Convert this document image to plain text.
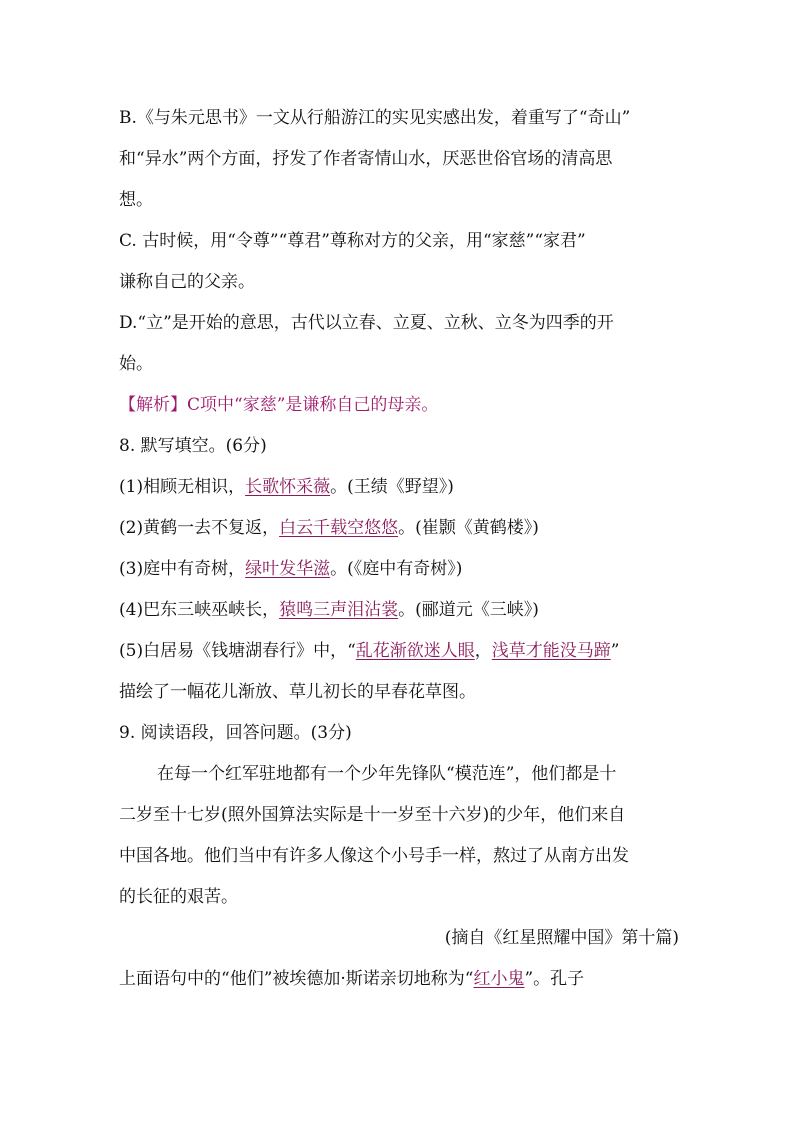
B.《与朱元思书》一文从行船游江的实见实感出发，着重写了“奇山”
和“异水”两个方面，抒发了作者寄情山水，厌恶世俗官场的清高思
想。
C. 古时候，用“令尊”“尊君”尊称对方的父亲，用“家慈”“家君”
谦称自己的父亲。
D.“立”是开始的意思，古代以立春、立夏、立秋、立冬为四季的开
始。
【解析】C项中“家慈”是谦称自己的母亲。
8. 默写填空。(6分)
(1)相顾无相识，长歌怀采薇。(王绩《野望》)
(2)黄鹤一去不复返，白云千载空悠悠。(崔颢《黄鹤楼》)
(3)庭中有奇树，绿叶发华滋。(《庭中有奇树》)
(4)巴东三峡巫峡长，猿鸣三声泪沾裳。(郦道元《三峡》)
(5)白居易《钱塘湖春行》中，“乱花渐欲迷人眼，浅草才能没马蹄”
描绘了一幅花儿渐放、草儿初长的早春花草图。
9. 阅读语段，回答问题。(3分)
在每一个红军驻地都有一个少年先锋队“模范连”，他们都是十
二岁至十七岁(照外国算法实际是十一岁至十六岁)的少年，他们来自
中国各地。他们当中有许多人像这个小号手一样，熬过了从南方出发
的长征的艰苦。
(摘自《红星照耀中国》第十篇)
上面语句中的“他们”被埃德加·斯诺亲切地称为“红小鬼”。孔子
